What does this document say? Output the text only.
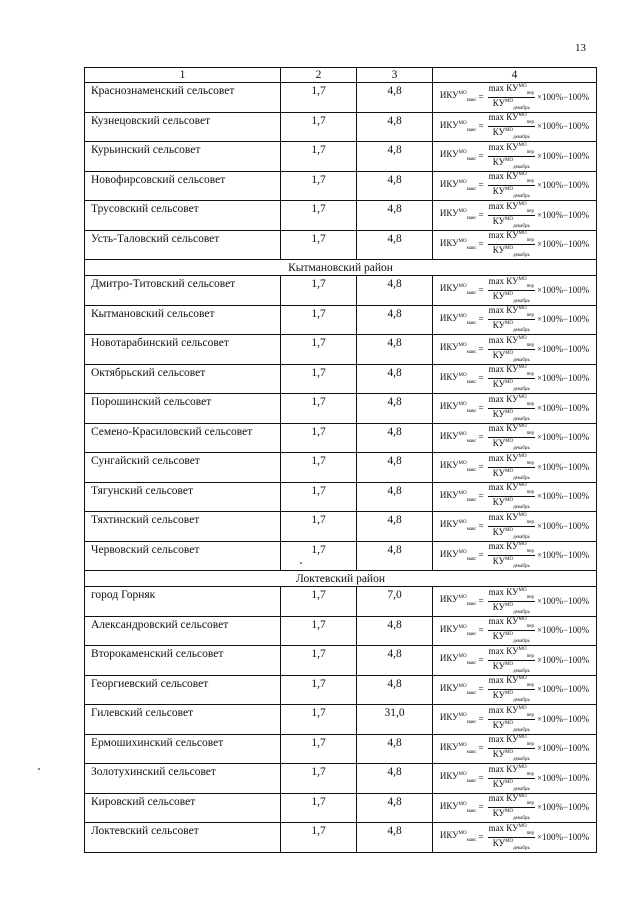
13
1	2	3	4
Краснознаменский сельсовет	1,7	4,8	$ИКУ^{МО}_{макс} = \frac{\max КУ^{МО}_{пер}}{КУ^{МО}_{декабрь}} \times 100\%-100\%$

Кузнецовский сельсовет	1,7	4,8	$ИКУ^{МО}_{макс} = \frac{\max КУ^{МО}_{пер}}{КУ^{МО}_{декабрь}} \times 100\%-100\%$

Курьинский сельсовет	1,7	4,8	$ИКУ^{МО}_{макс} = \frac{\max КУ^{МО}_{пер}}{КУ^{МО}_{декабрь}} \times 100\%-100\%$

Новофирсовский сельсовет	1,7	4,8	$ИКУ^{МО}_{макс} = \frac{\max КУ^{МО}_{пер}}{КУ^{МО}_{декабрь}} \times 100\%-100\%$

Трусовский сельсовет	1,7	4,8	$ИКУ^{МО}_{макс} = \frac{\max КУ^{МО}_{пер}}{КУ^{МО}_{декабрь}} \times 100\%-100\%$

Усть-Таловский сельсовет	1,7	4,8	$ИКУ^{МО}_{макс} = \frac{\max КУ^{МО}_{пер}}{КУ^{МО}_{декабрь}} \times 100\%-100\%$

Кытмановский район			
Дмитро-Титовский сельсовет	1,7	4,8	$ИКУ^{МО}_{макс} = \frac{\max КУ^{МО}_{пер}}{КУ^{МО}_{декабрь}} \times 100\%-100\%$

Кытмановский сельсовет	1,7	4,8	$ИКУ^{МО}_{макс} = \frac{\max КУ^{МО}_{пер}}{КУ^{МО}_{декабрь}} \times 100\%-100\%$

Новотарабинский сельсовет	1,7	4,8	$ИКУ^{МО}_{макс} = \frac{\max КУ^{МО}_{пер}}{КУ^{МО}_{декабрь}} \times 100\%-100\%$

Октябрьский сельсовет	1,7	4,8	$ИКУ^{МО}_{макс} = \frac{\max КУ^{МО}_{пер}}{КУ^{МО}_{декабрь}} \times 100\%-100\%$

Порошинский сельсовет	1,7	4,8	$ИКУ^{МО}_{макс} = \frac{\max КУ^{МО}_{пер}}{КУ^{МО}_{декабрь}} \times 100\%-100\%$

Семено-Красиловский сельсовет	1,7	4,8	$ИКУ^{МО}_{макс} = \frac{\max КУ^{МО}_{пер}}{КУ^{МО}_{декабрь}} \times 100\%-100\%$

Сунгайский сельсовет	1,7	4,8	$ИКУ^{МО}_{макс} = \frac{\max КУ^{МО}_{пер}}{КУ^{МО}_{декабрь}} \times 100\%-100\%$

Тягунский сельсовет	1,7	4,8	$ИКУ^{МО}_{макс} = \frac{\max КУ^{МО}_{пер}}{КУ^{МО}_{декабрь}} \times 100\%-100\%$

Тяхтинский сельсовет	1,7	4,8	$ИКУ^{МО}_{макс} = \frac{\max КУ^{МО}_{пер}}{КУ^{МО}_{декабрь}} \times 100\%-100\%$

Червовский сельсовет	1,7	4,8	$ИКУ^{МО}_{макс} = \frac{\max КУ^{МО}_{пер}}{КУ^{МО}_{декабрь}} \times 100\%-100\%$

Локтевский район			
город Горняк	1,7	7,0	$ИКУ^{МО}_{макс} = \frac{\max КУ^{МО}_{пер}}{КУ^{МО}_{декабрь}} \times 100\%-100\%$

Александровский сельсовет	1,7	4,8	$ИКУ^{МО}_{макс} = \frac{\max КУ^{МО}_{пер}}{КУ^{МО}_{декабрь}} \times 100\%-100\%$

Второкаменский сельсовет	1,7	4,8	$ИКУ^{МО}_{макс} = \frac{\max КУ^{МО}_{пер}}{КУ^{МО}_{декабрь}} \times 100\%-100\%$

Георгиевский сельсовет	1,7	4,8	$ИКУ^{МО}_{макс} = \frac{\max КУ^{МО}_{пер}}{КУ^{МО}_{декабрь}} \times 100\%-100\%$

Гилевский сельсовет	1,7	31,0	$ИКУ^{МО}_{макс} = \frac{\max КУ^{МО}_{пер}}{КУ^{МО}_{декабрь}} \times 100\%-100\%$

Ермошихинский сельсовет	1,7	4,8	$ИКУ^{МО}_{макс} = \frac{\max КУ^{МО}_{пер}}{КУ^{МО}_{декабрь}} \times 100\%-100\%$

Золотухинский сельсовет	1,7	4,8	$ИКУ^{МО}_{макс} = \frac{\max КУ^{МО}_{пер}}{КУ^{МО}_{декабрь}} \times 100\%-100\%$

Кировский сельсовет	1,7	4,8	$ИКУ^{МО}_{макс} = \frac{\max КУ^{МО}_{пер}}{КУ^{МО}_{декабрь}} \times 100\%-100\%$

Локтевский сельсовет	1,7	4,8	$ИКУ^{МО}_{макс} = \frac{\max КУ^{МО}_{пер}}{КУ^{МО}_{декабрь}} \times 100\%-100\%$
